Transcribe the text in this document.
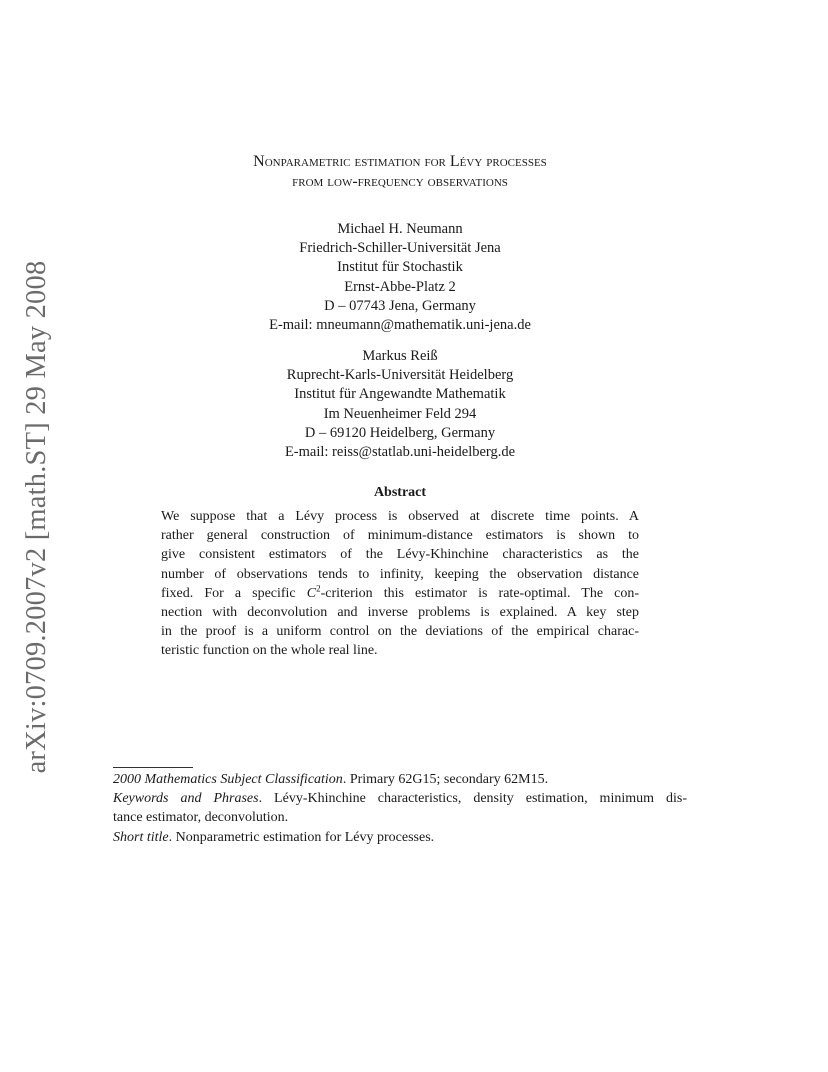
arXiv:0709.2007v2 [math.ST] 29 May 2008
Nonparametric estimation for Lévy processes
from low-frequency observations
Michael H. Neumann
Friedrich-Schiller-Universität Jena
Institut für Stochastik
Ernst-Abbe-Platz 2
D – 07743 Jena, Germany
E-mail: mneumann@mathematik.uni-jena.de
Markus Reiß
Ruprecht-Karls-Universität Heidelberg
Institut für Angewandte Mathematik
Im Neuenheimer Feld 294
D – 69120 Heidelberg, Germany
E-mail: reiss@statlab.uni-heidelberg.de
Abstract
We suppose that a Lévy process is observed at discrete time points. A
rather general construction of minimum-distance estimators is shown to
give consistent estimators of the Lévy-Khinchine characteristics as the
number of observations tends to infinity, keeping the observation distance
fixed. For a specific $C^2$-criterion this estimator is rate-optimal. The con-
nection with deconvolution and inverse problems is explained. A key step
in the proof is a uniform control on the deviations of the empirical charac-
teristic function on the whole real line.
2000 Mathematics Subject Classification. Primary 62G15; secondary 62M15.
Keywords and Phrases. Lévy-Khinchine characteristics, density estimation, minimum dis-
tance estimator, deconvolution.
Short title. Nonparametric estimation for Lévy processes.
